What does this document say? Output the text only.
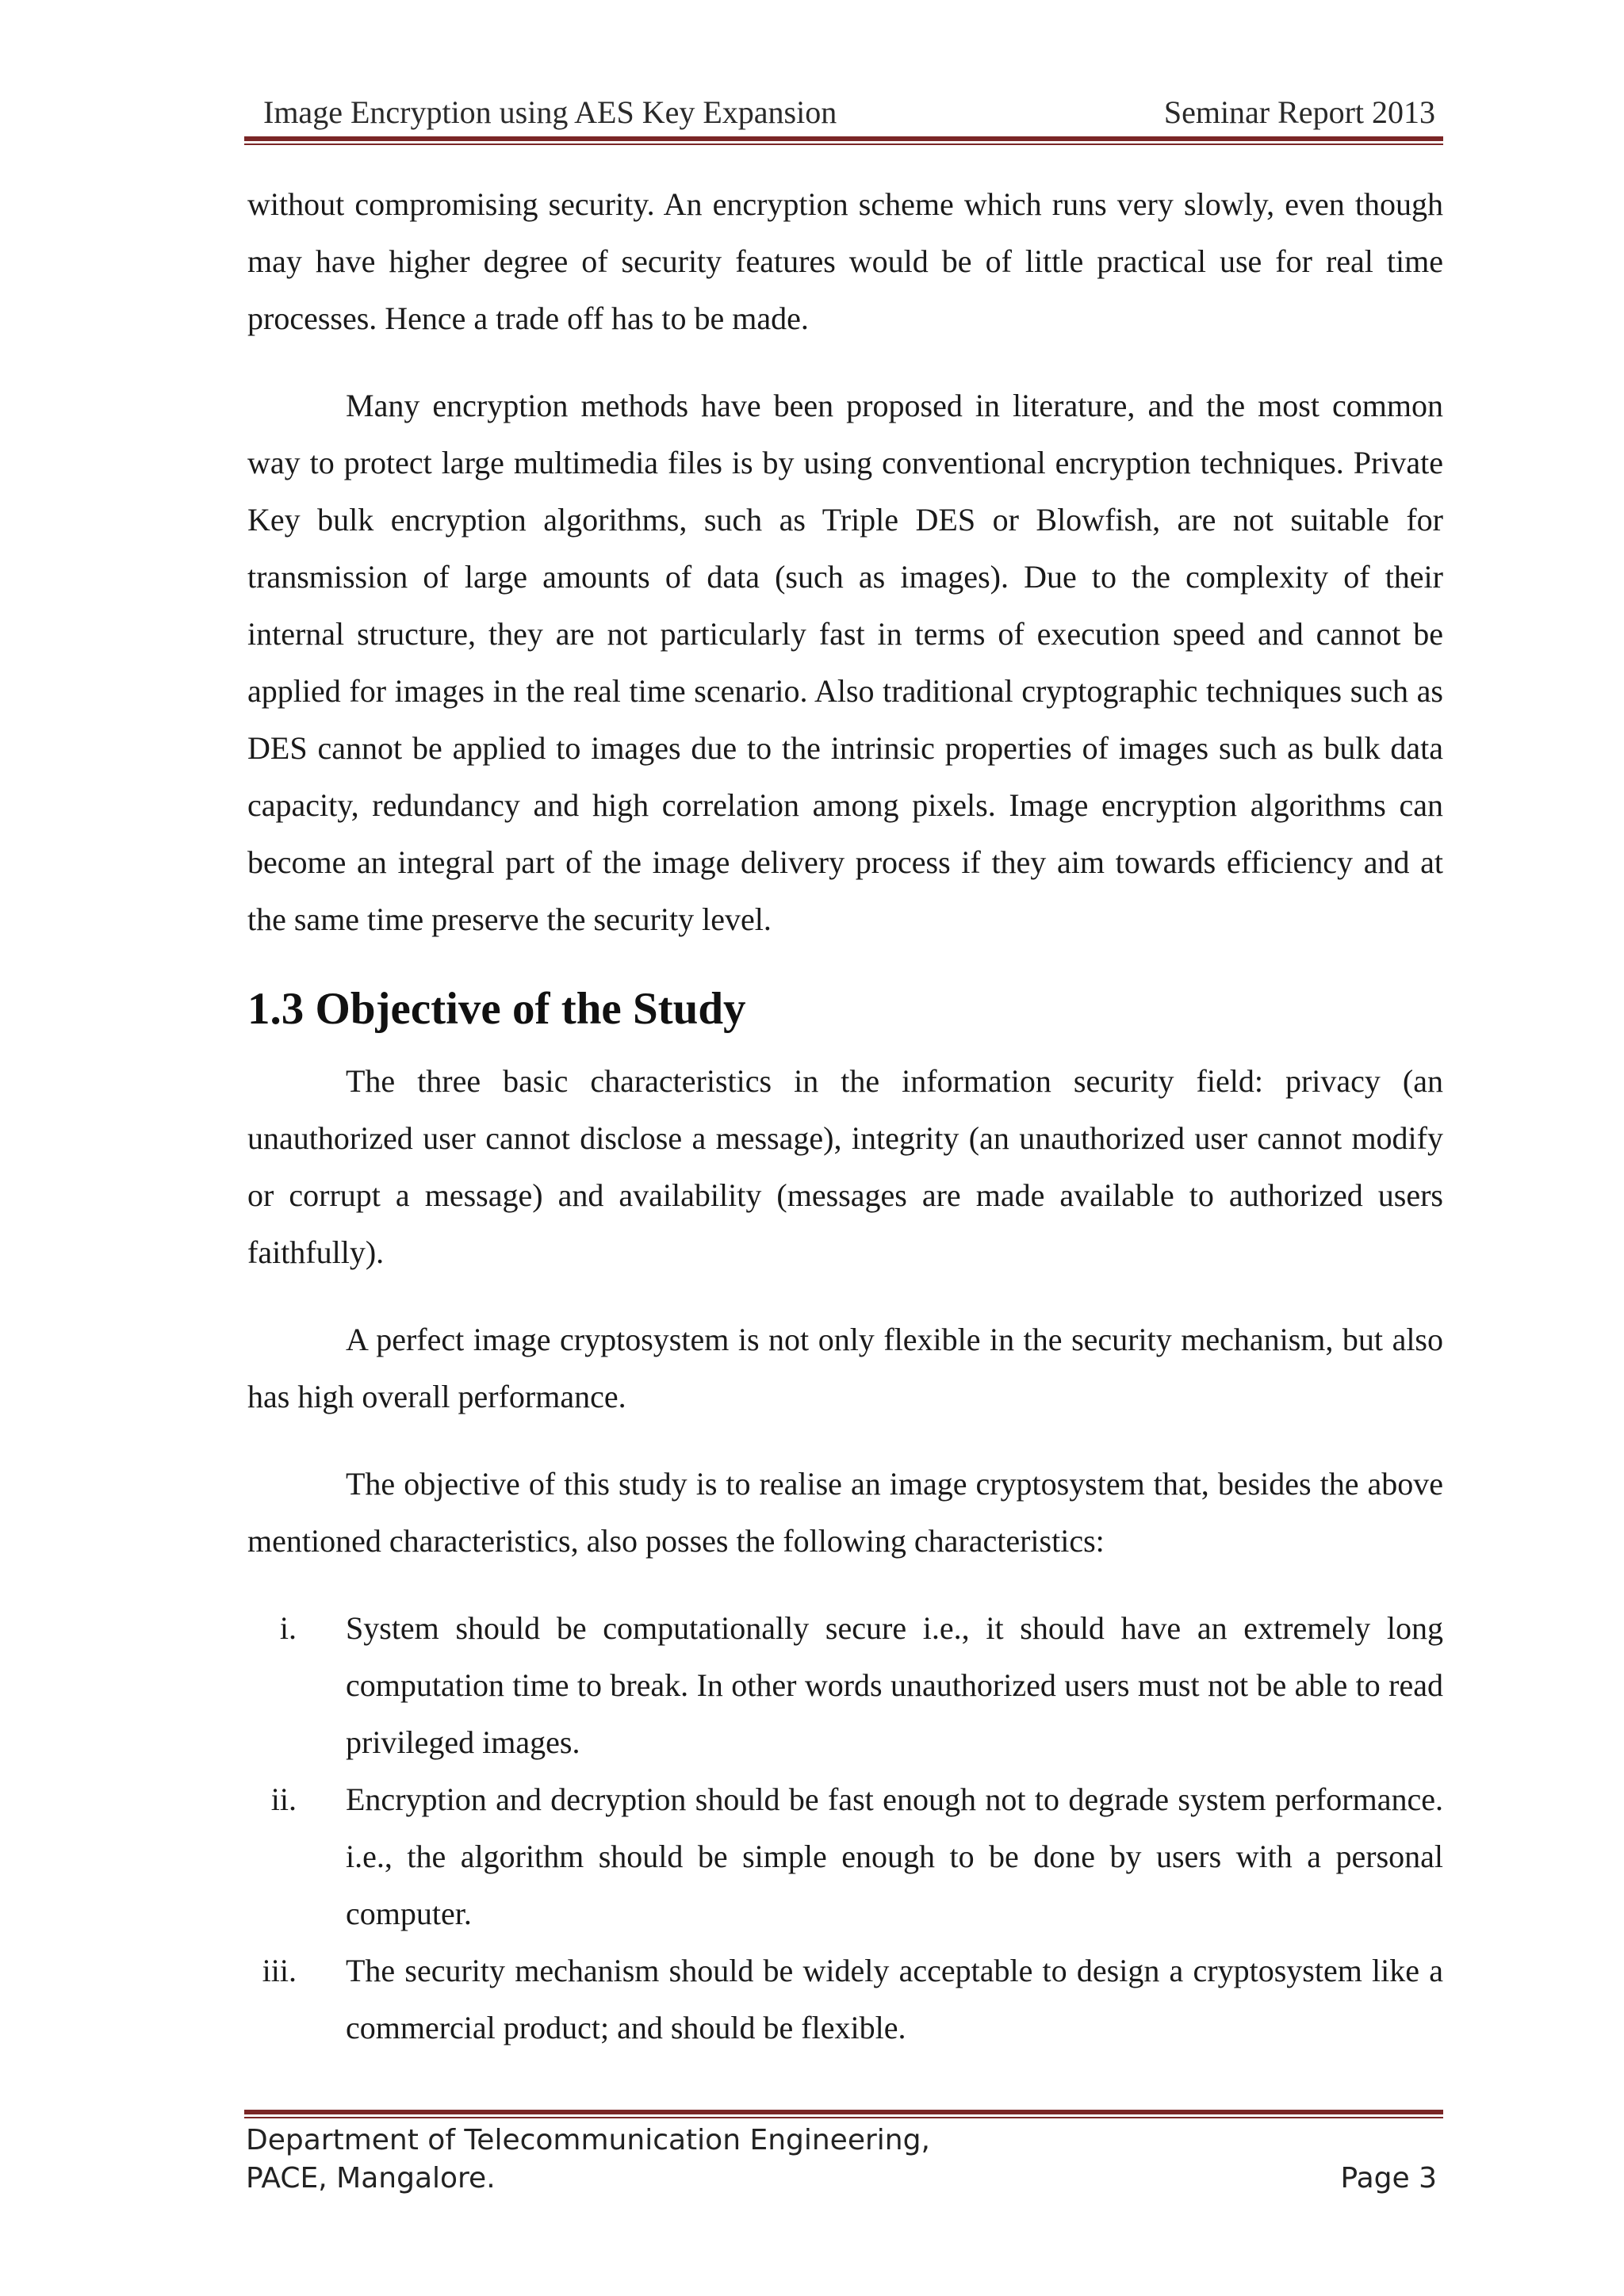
Image Encryption using AES Key Expansion	Seminar Report 2013

without compromising security. An encryption scheme which runs very slowly, even though may have higher degree of security features would be of little practical use for real time processes. Hence a trade off has to be made.

Many encryption methods have been proposed in literature, and the most common way to protect large multimedia files is by using conventional encryption techniques. Private Key bulk encryption algorithms, such as Triple DES or Blowfish, are not suitable for transmission of large amounts of data (such as images). Due to the complexity of their internal structure, they are not particularly fast in terms of execution speed and cannot be applied for images in the real time scenario. Also traditional cryptographic techniques such as DES cannot be applied to images due to the intrinsic properties of images such as bulk data capacity, redundancy and high correlation among pixels. Image encryption algorithms can become an integral part of the image delivery process if they aim towards efficiency and at the same time preserve the security level.

1.3 Objective of the Study

The three basic characteristics in the information security field: privacy (an unauthorized user cannot disclose a message), integrity (an unauthorized user cannot modify or corrupt a message) and availability (messages are made available to authorized users faithfully).

A perfect image cryptosystem is not only flexible in the security mechanism, but also has high overall performance.

The objective of this study is to realise an image cryptosystem that, besides the above mentioned characteristics, also posses the following characteristics:

i. System should be computationally secure i.e., it should have an extremely long computation time to break. In other words unauthorized users must not be able to read privileged images.
ii. Encryption and decryption should be fast enough not to degrade system performance. i.e., the algorithm should be simple enough to be done by users with a personal computer.
iii. The security mechanism should be widely acceptable to design a cryptosystem like a commercial product; and should be flexible.
Department of Telecommunication Engineering,
PACE, Mangalore.	Page 3
